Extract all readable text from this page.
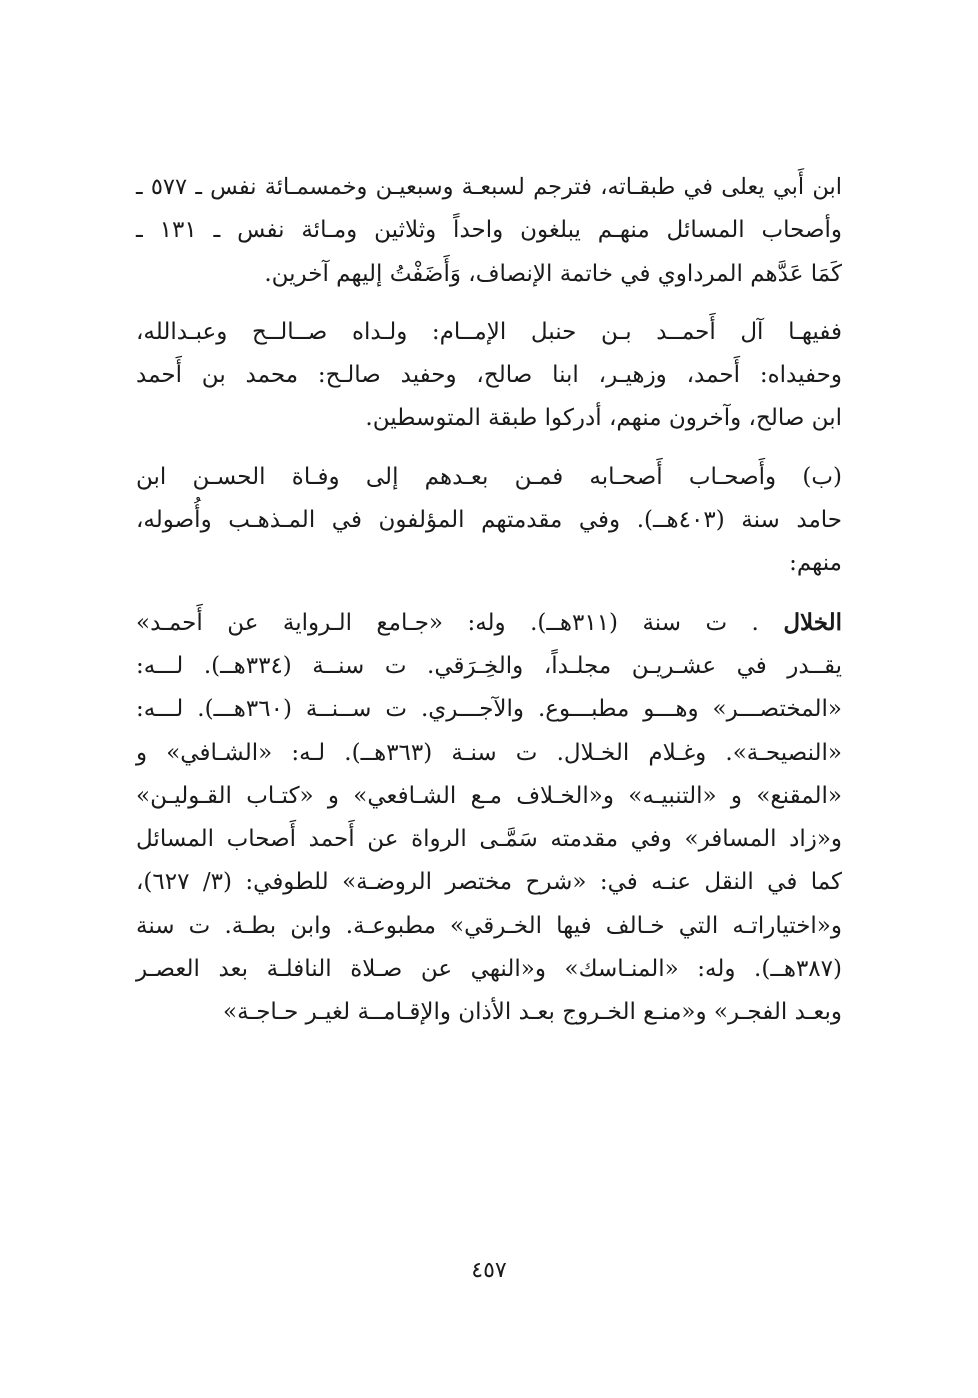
ابن أَبي يعلى في طبقـاته، فترجم لسبعـة وسبعيـن وخمسمـائة نفس ـ ٥٧٧ ـ
وأصحاب المسائل منهـم يبلغون واحداً وثلاثين ومـائة نفس ـ ١٣١ ـ
كَمَا عَدَّهم المرداوي في خاتمة الإنصاف، وَأَضَفْتُ إليهم آخرين.

ففيهـا آل أَحمــد بـن حنبل الإمــام: ولـداه صــالــح وعبـدالله،
وحفيداه: أَحمد، وزهيـر، ابنا صالح، وحفيد صالـح: محمد بن أَحمد
ابن صالح، وآخرون منهم، أدركوا طبقة المتوسطين.

(ب) وأَصحـاب أَصحـابه فمـن بعـدهم إلى وفـاة الحسـن ابن
حامد سنة (٤٠٣هــ). وفي مقدمتهم المؤلفون في المـذهـب وأُصوله،
منهم:

الخلال . ت سنة (٣١١هــ). وله: «جـامع الـرواية عن أَحمـد»
يقــدر في عشـريـن مجلـداً، والخِـرَقي. ت سنــة (٣٣٤هــ). لـــه:
«المختصـــر» وهـــو مطبـــوع. والآجـــري. ت ســنــة (٣٦٠هـــ). لـــه:
«النصيحـة». وغـلام الخـلال. ت سنـة (٣٦٣هــ). لـه: «الشـافي» و
«المقنع» و «التنبيـه» و«الخـلاف مـع الشـافعي» و «كتـاب القـوليـن»
و«زاد المسافر» وفي مقدمته سَمَّـى الرواة عن أَحمد أَصحاب المسائل
كما في النقل عنـه في: «شرح مختصر الروضـة» للطوفي: (٣/ ٦٢٧)،
و«اختياراتـه التي خـالف فيها الخـرقي» مطبوعـة. وابن بطـة. ت سنة
(٣٨٧هــ). وله: «المنـاسك» و«النهي عن صـلاة النافلـة بعد العصـر
وبعـد الفجـر» و«منـع الخـروج بعـد الأذان والإقـامــة لغيـر حـاجـة»

٤٥٧
